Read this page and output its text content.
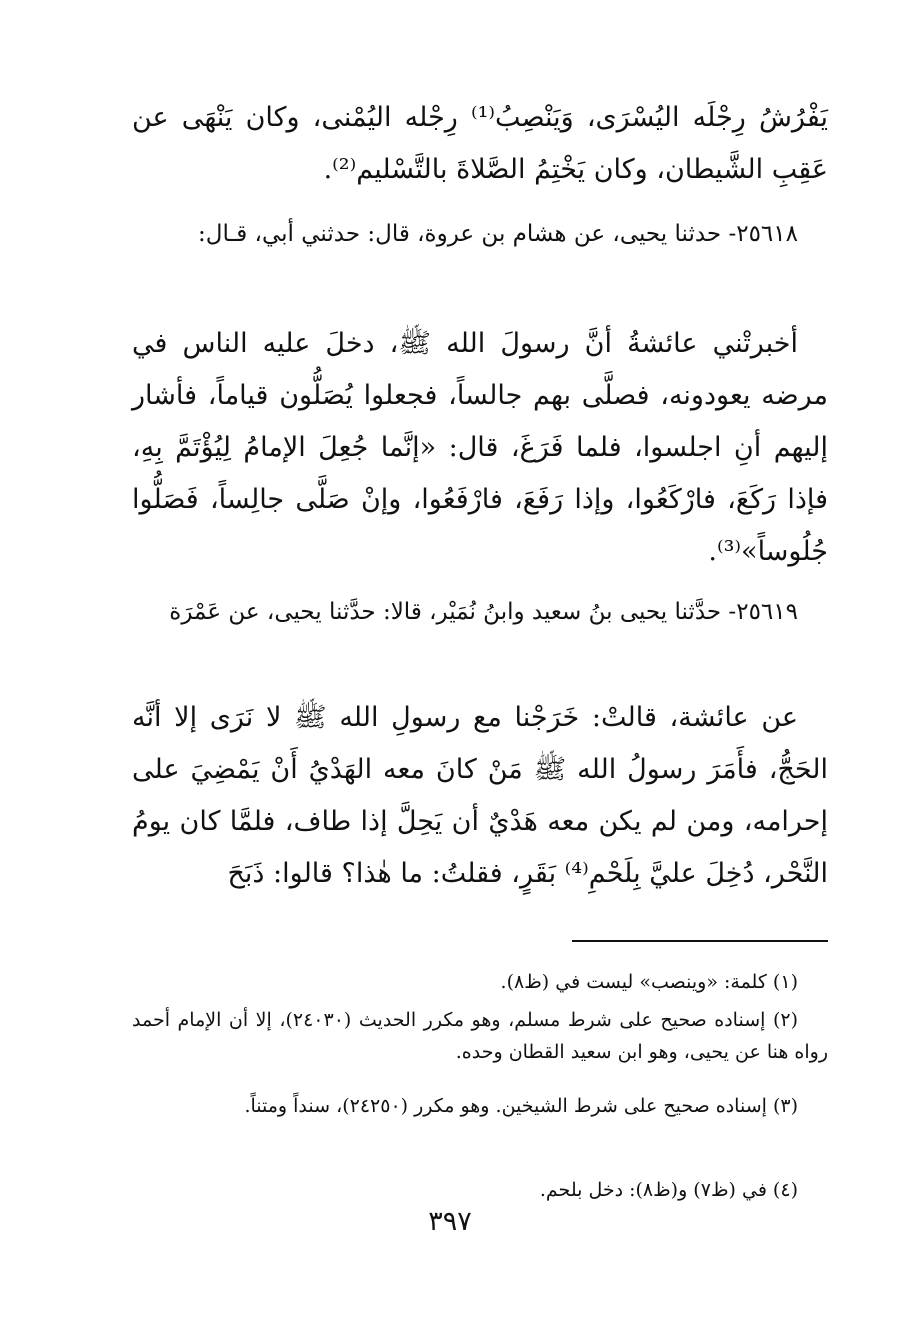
يَفْرُشُ رِجْلَه اليُسْرَى، وَيَنْصِبُ⁽¹⁾ رِجْله اليُمْنى، وكان يَنْهَى عن عَقِبِ الشَّيطان، وكان يَخْتِمُ الصَّلاةَ بالتَّسْليم⁽²⁾.

٢٥٦١٨- حدثنا يحيى، عن هشام بن عروة، قال: حدثني أبي، قـال:

أخبرتْني عائشةُ أنَّ رسولَ الله ﷺ، دخلَ عليه الناس في مرضه يعودونه، فصلَّى بهم جالساً، فجعلوا يُصَلُّون قياماً، فأشار إليهم أنِ اجلسوا، فلما فَرَغَ، قال: «إنَّما جُعِلَ الإمامُ لِيُؤْتَمَّ بِهِ، فإذا رَكَعَ، فارْكَعُوا، وإذا رَفَعَ، فارْفَعُوا، وإنْ صَلَّى جالِساً، فَصَلُّوا جُلُوساً»⁽³⁾.

٢٥٦١٩- حدَّثنا يحيى بنُ سعيد وابنُ نُمَيْر، قالا: حدَّثنا يحيى، عن عَمْرَة

عن عائشة، قالتْ: خَرَجْنا مع رسولِ الله ﷺ لا نَرَى إلا أنَّه الحَجُّ، فأَمَرَ رسولُ الله ﷺ مَنْ كانَ معه الهَدْيُ أَنْ يَمْضِيَ على إحرامه، ومن لم يكن معه هَدْيٌ أن يَحِلَّ إذا طاف، فلمَّا كان يومُ النَّحْر، دُخِلَ عليَّ بِلَحْمِ⁽⁴⁾ بَقَرٍ، فقلتُ: ما هٰذا؟ قالوا: ذَبَحَ

(١) كلمة: «وينصب» ليست في (ظ٨).

(٢) إسناده صحيح على شرط مسلم، وهو مكرر الحديث (٢٤٠٣٠)، إلا أن الإمام أحمد رواه هنا عن يحيى، وهو ابن سعيد القطان وحده.

(٣) إسناده صحيح على شرط الشيخين. وهو مكرر (٢٤٢٥٠)، سنداً ومتناً.

(٤) في (ظ٧) و(ظ٨): دخل بلحم.

٣٩٧
